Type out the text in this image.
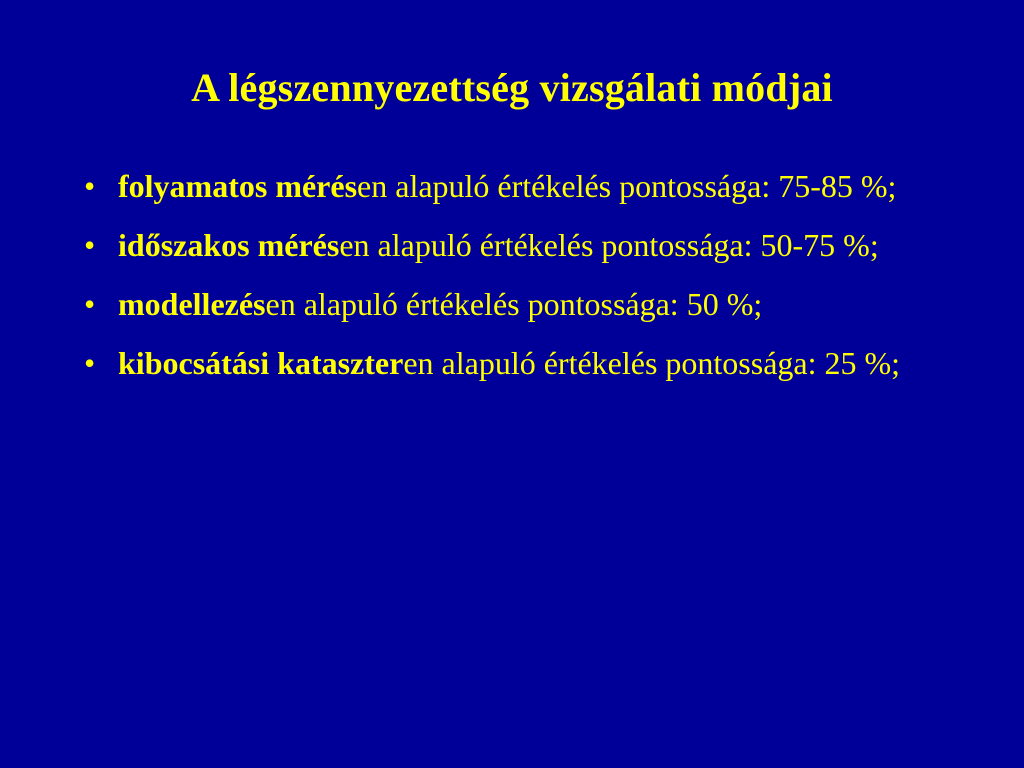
A légszennyezettség vizsgálati módjai
• folyamatos mérésen alapuló értékelés pontossága: 75-85 %;
• időszakos mérésen alapuló értékelés pontossága: 50-75 %;
• modellezésen alapuló értékelés pontossága: 50 %;
• kibocsátási kataszteren alapuló értékelés pontossága: 25 %;
